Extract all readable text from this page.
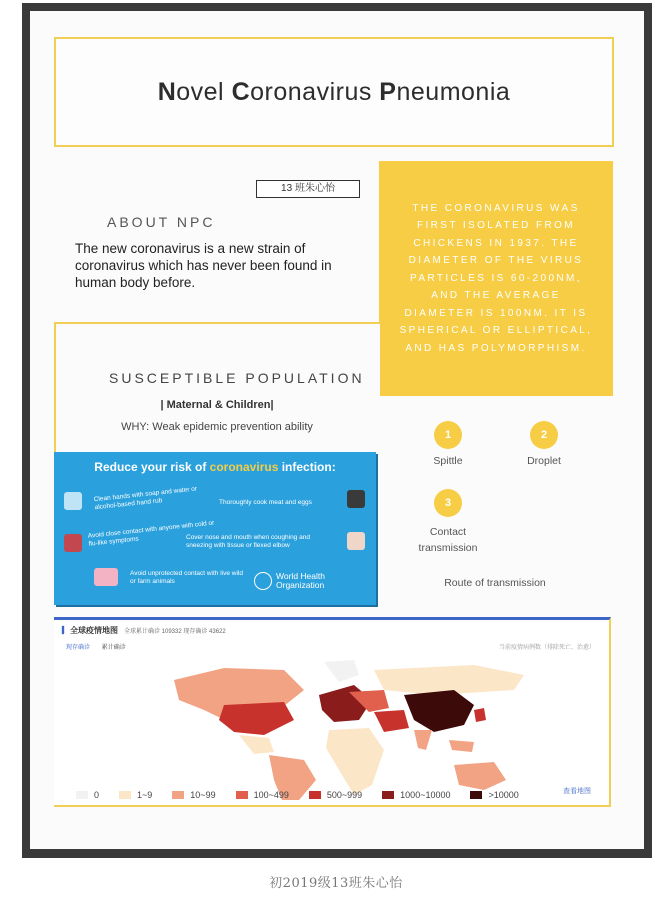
Novel Coronavirus Pneumonia
13 班朱心怡
ABOUT NPC
The new coronavirus is a new strain of coronavirus which has never been found in human body before.
THE CORONAVIRUS WAS FIRST ISOLATED FROM CHICKENS IN 1937. THE DIAMETER OF THE VIRUS PARTICLES IS 60-200NM, AND THE AVERAGE DIAMETER IS 100NM. IT IS SPHERICAL OR ELLIPTICAL, AND HAS POLYMORPHISM.
SUSCEPTIBLE POPULATION
| Maternal & Children|
WHY: Weak epidemic prevention ability
1
Spittle
2
Droplet
3
Contact transmission
Route of transmission
Reduce your risk of coronavirus infection:
Clean hands with soap and water or alcohol-based hand rub	Thoroughly cook meat and eggs
Avoid close contact with anyone with cold or flu-like symptoms	Cover nose and mouth when coughing and sneezing with tissue or flexed elbow
Avoid unprotected contact with live wild or farm animals
World Health
Organization
▎全球疫情地图 全球累计确诊 109332 现存确诊 43622
现存确诊 累计确诊	当前疫情病例数（排除死亡、治愈）
0	1~9	10~99	100~499	500~999	1000~10000	>10000	查看地图
初2019级13班朱心怡
